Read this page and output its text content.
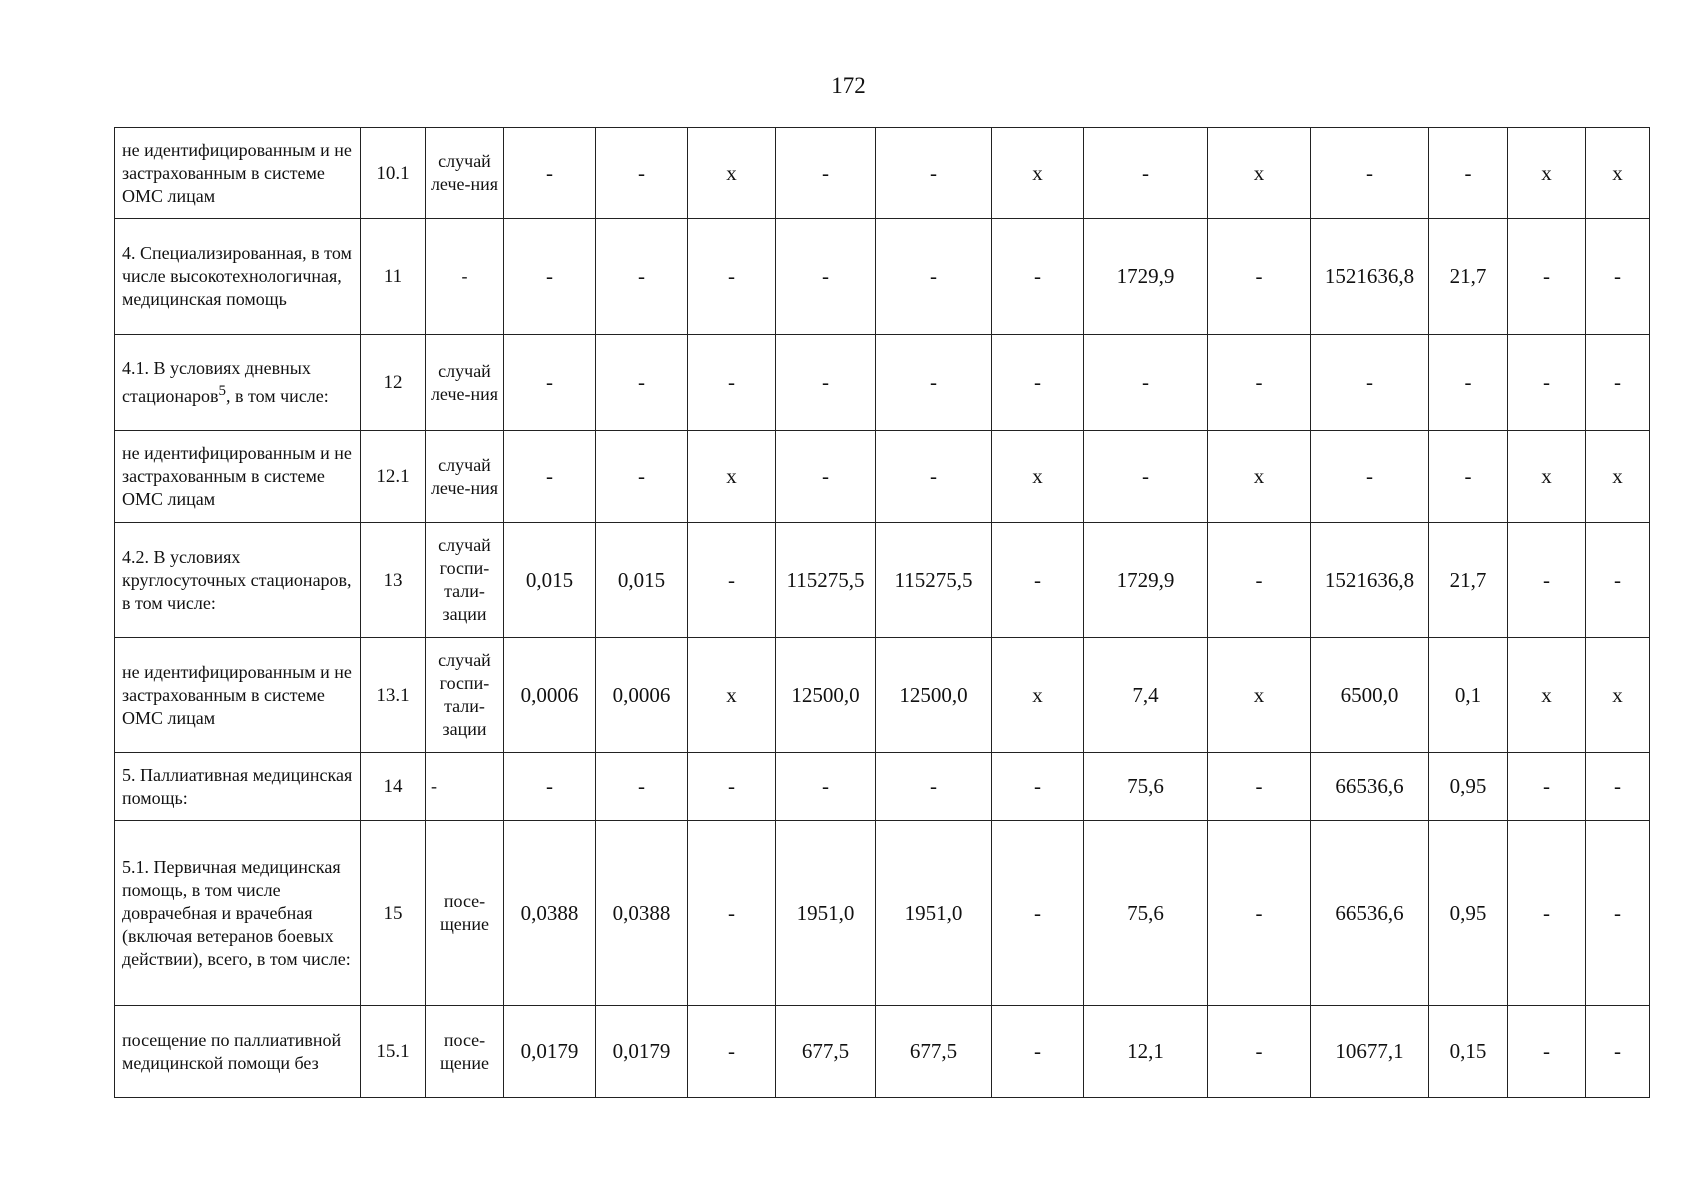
172
не идентифицированным и не застрахованным в системе ОМС лицам	10.1	случай лече-ния	-	-	x	-	-	x	-	x	-	-	x	x
4. Специализированная, в том числе высокотехнологичная, медицинская помощь	11	-	-	-	-	-	-	-	1729,9	-	1521636,8	21,7	-	-
4.1. В условиях дневных стационаров$^5$, в том числе:	12	случай лече-ния	-	-	-	-	-	-	-	-	-	-	-	-
не идентифицированным и не застрахованным в системе ОМС лицам	12.1	случай лече-ния	-	-	x	-	-	x	-	x	-	-	x	x
4.2. В условиях круглосуточных стационаров, в том числе:	13	случай госпи-тали-зации	0,015	0,015	-	115275,5	115275,5	-	1729,9	-	1521636,8	21,7	-	-
не идентифицированным и не застрахованным в системе ОМС лицам	13.1	случай госпи-тали-зации	0,0006	0,0006	x	12500,0	12500,0	x	7,4	x	6500,0	0,1	x	x
5. Паллиативная медицинская помощь:	14	-	-	-	-	-	-	-	75,6	-	66536,6	0,95	-	-
5.1. Первичная медицинская помощь, в том числе доврачебная и врачебная (включая ветеранов боевых действии), всего, в том числе:	15	посе-щение	0,0388	0,0388	-	1951,0	1951,0	-	75,6	-	66536,6	0,95	-	-
посещение по паллиативной медицинской помощи без	15.1	посе-щение	0,0179	0,0179	-	677,5	677,5	-	12,1	-	10677,1	0,15	-	-
